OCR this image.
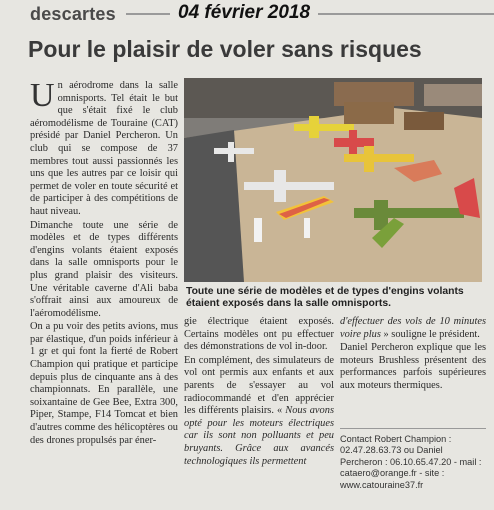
descartes	04 février 2018
Pour le plaisir de voler sans risques

Un aérodrome dans la salle omnisports. Tel était le but que s'était fixé le club aéromodélisme de Touraine (CAT) présidé par Daniel Percheron. Un club qui se compose de 37 membres tout aussi passionnés les uns que les autres par ce loisir qui permet de voler en toute sécurité et de participer à des compétitions de haut niveau.

Dimanche toute une série de modèles et de types différents d'engins volants étaient exposés dans la salle omnisports pour le plus grand plaisir des visiteurs. Une véritable caverne d'Ali baba s'offrait ainsi aux amoureux de l'aéromodélisme.

On a pu voir des petits avions, mus par élastique, d'un poids inférieur à 1 gr et qui font la fierté de Robert Champion qui pratique et participe depuis plus de cinquante ans à des championnats. En parallèle, une soixantaine de Gee Bee, Extra 300, Piper, Stampe, F14 Tomcat et bien d'autres comme des hélicoptères ou des drones propulsés par éner-

Toute une série de modèles et de types d'engins volants étaient exposés dans la salle omnisports.

gie électrique étaient exposés. Certains modèles ont pu effectuer des démonstrations de vol in-door.

En complément, des simulateurs de vol ont permis aux enfants et aux parents de s'essayer au vol radiocommandé et d'en apprécier les différents plaisirs. « Nous avons opté pour les moteurs électriques car ils sont non polluants et peu bruyants. Grâce aux avancés technologiques ils permettent

d'effectuer des vols de 10 minutes voire plus » souligne le président.

Daniel Percheron explique que les moteurs Brushless présentent des performances parfois supérieures aux moteurs thermiques.

Contact Robert Champion :
02.47.28.63.73 ou Daniel
Percheron : 06.10.65.47.20 - mail :
cataero@orange.fr - site :
www.catouraine37.fr
